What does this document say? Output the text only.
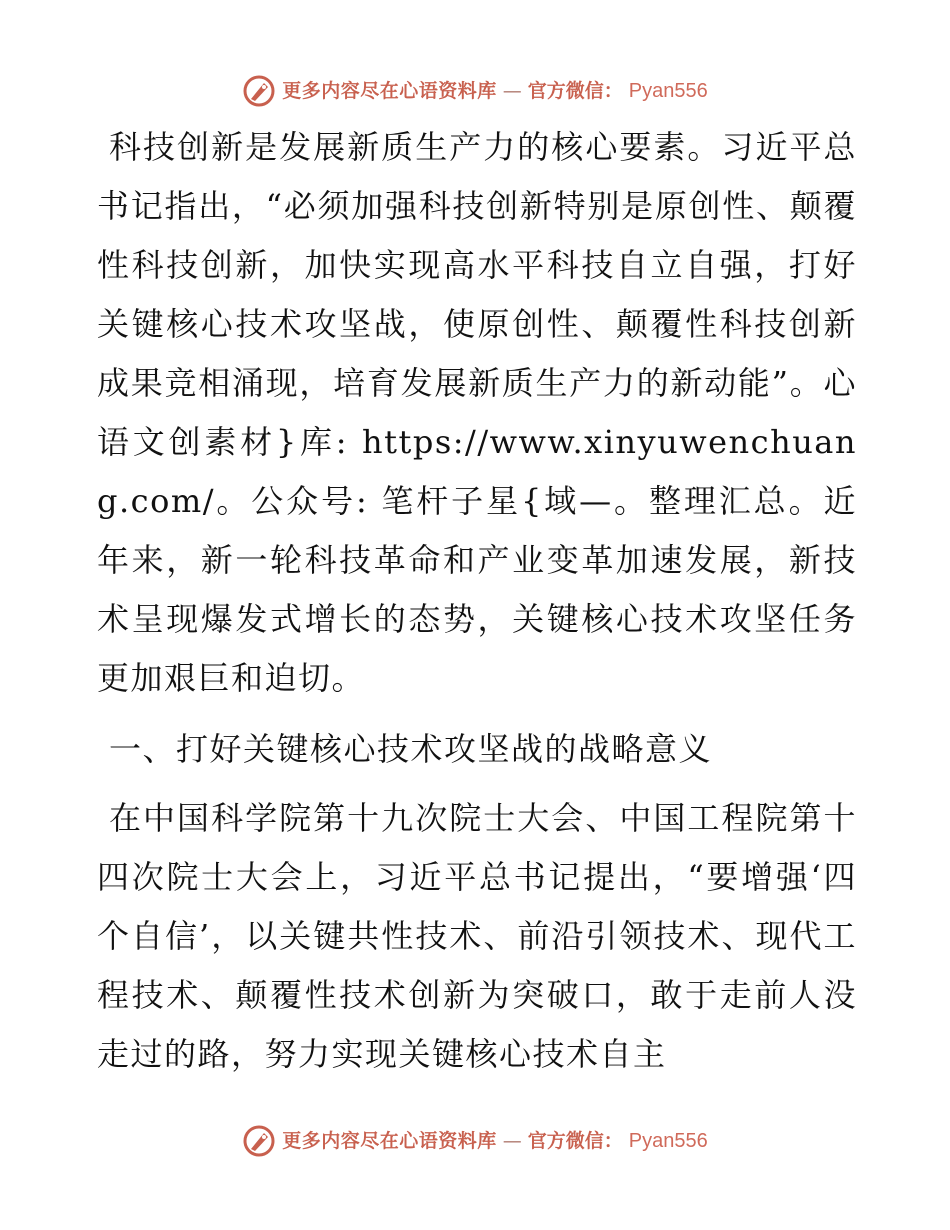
更多内容尽在心语资料库 — 官方微信： Pyan556

科技创新是发展新质生产力的核心要素。习近平总书记指出，“必须加强科技创新特别是原创性、颠覆性科技创新，加快实现高水平科技自立自强，打好关键核心技术攻坚战，使原创性、颠覆性科技创新成果竞相涌现，培育发展新质生产力的新动能”。心语文创素材}库: https://www.xinyuwenchuang.com/。公众号: 笔杆子星{域—。整理汇总。近年来，新一轮科技革命和产业变革加速发展，新技术呈现爆发式增长的态势，关键核心技术攻坚任务更加艰巨和迫切。

一、打好关键核心技术攻坚战的战略意义

在中国科学院第十九次院士大会、中国工程院第十四次院士大会上，习近平总书记提出，“要增强‘四个自信’，以关键共性技术、前沿引领技术、现代工程技术、颠覆性技术创新为突破口，敢于走前人没走过的路，努力实现关键核心技术自主

更多内容尽在心语资料库 — 官方微信： Pyan556
